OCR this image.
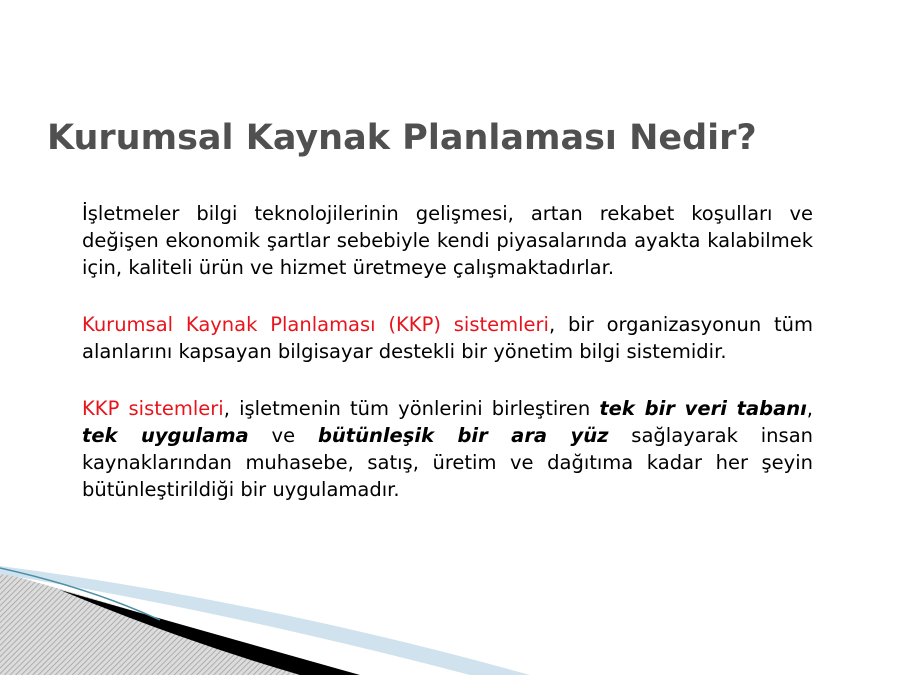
Kurumsal Kaynak Planlaması Nedir?

İşletmeler bilgi teknolojilerinin gelişmesi, artan rekabet koşulları ve değişen ekonomik şartlar sebebiyle kendi piyasalarında ayakta kalabilmek için, kaliteli ürün ve hizmet üretmeye çalışmaktadırlar.

Kurumsal Kaynak Planlaması (KKP) sistemleri, bir organizasyonun tüm alanlarını kapsayan bilgisayar destekli bir yönetim bilgi sistemidir.

KKP sistemleri, işletmenin tüm yönlerini birleştiren tek bir veri tabanı, tek uygulama ve bütünleşik bir ara yüz sağlayarak insan kaynaklarından muhasebe, satış, üretim ve dağıtıma kadar her şeyin bütünleştirildiği bir uygulamadır.
